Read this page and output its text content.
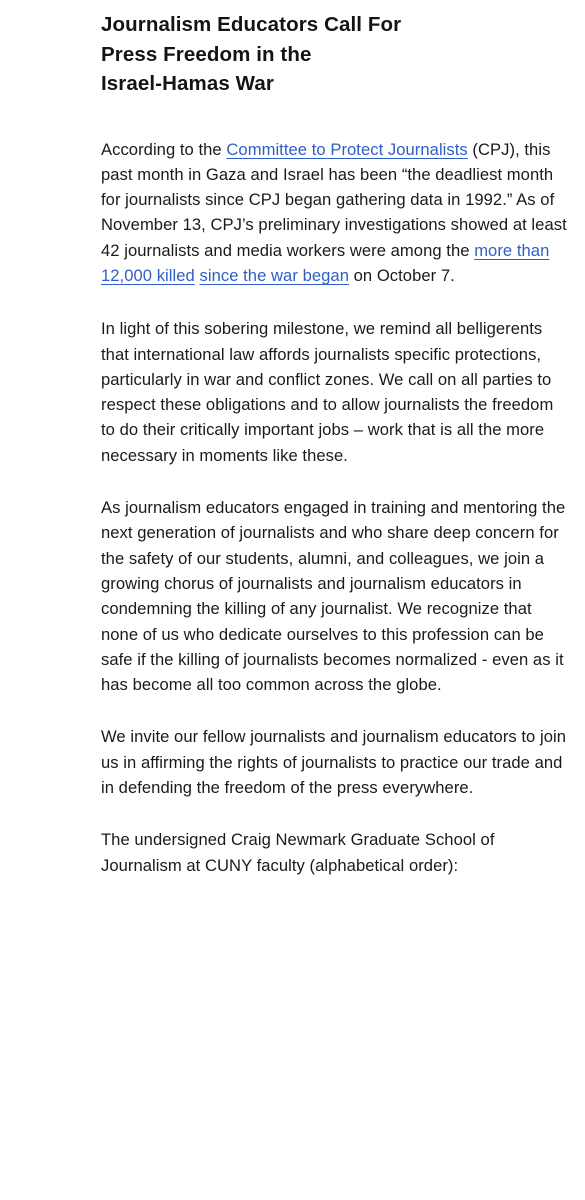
Journalism Educators Call For
Press Freedom in the
Israel-Hamas War

According to the Committee to Protect Journalists (CPJ), this past month in Gaza and Israel has been “the deadliest month for journalists since CPJ began gathering data in 1992.” As of November 13, CPJ’s preliminary investigations showed at least 42 journalists and media workers were among the more than 12,000 killed since the war began on October 7.

In light of this sobering milestone, we remind all belligerents that international law affords journalists specific protections, particularly in war and conflict zones. We call on all parties to respect these obligations and to allow journalists the freedom to do their critically important jobs – work that is all the more necessary in moments like these.

As journalism educators engaged in training and mentoring the next generation of journalists and who share deep concern for the safety of our students, alumni, and colleagues, we join a growing chorus of journalists and journalism educators in condemning the killing of any journalist. We recognize that none of us who dedicate ourselves to this profession can be safe if the killing of journalists becomes normalized - even as it has become all too common across the globe.

We invite our fellow journalists and journalism educators to join us in affirming the rights of journalists to practice our trade and in defending the freedom of the press everywhere.

The undersigned Craig Newmark Graduate School of Journalism at CUNY faculty (alphabetical order):
